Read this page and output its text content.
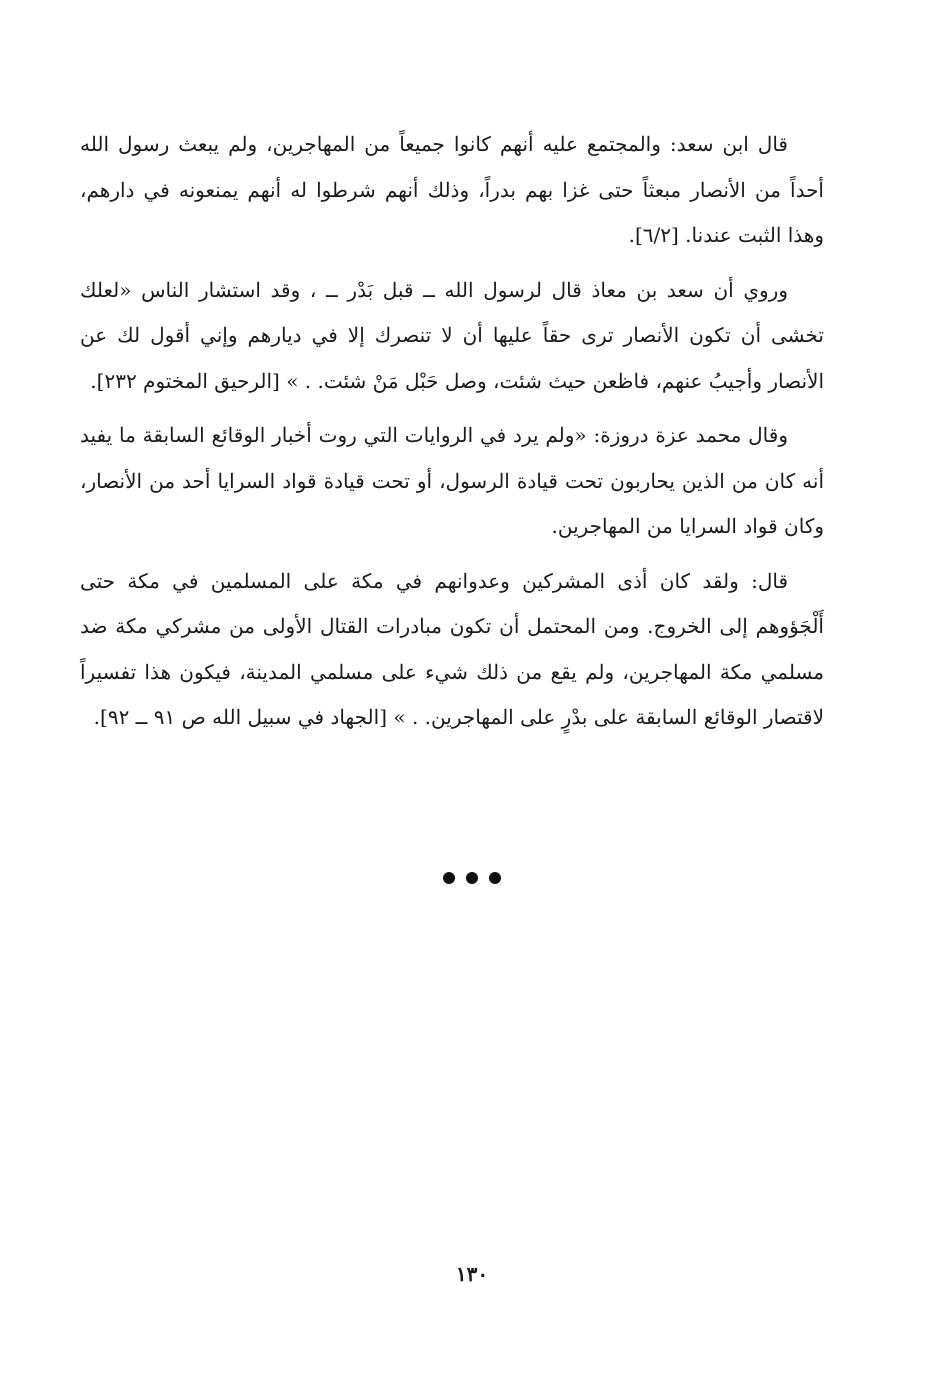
قال ابن سعد: والمجتمع عليه أنهم كانوا جميعاً من المهاجرين، ولم يبعث رسول الله أحداً من الأنصار مبعثاً حتى غزا بهم بدراً، وذلك أنهم شرطوا له أنهم يمنعونه في دارهم، وهذا الثبت عندنا. [٦/٢].

وروي أن سعد بن معاذ قال لرسول الله ــ قبل بَدْر ــ ، وقد استشار الناس «لعلك تخشى أن تكون الأنصار ترى حقاً عليها أن لا تنصرك إلا في ديارهم وإني أقول لك عن الأنصار وأجيبُ عنهم، فاظعن حيث شئت، وصل حَبْل مَنْ شئت. . » [الرحيق المختوم ٢٣٢].

وقال محمد عزة دروزة: «ولم يرد في الروايات التي روت أخبار الوقائع السابقة ما يفيد أنه كان من الذين يحاربون تحت قيادة الرسول، أو تحت قيادة قواد السرايا أحد من الأنصار، وكان قواد السرايا من المهاجرين.

قال: ولقد كان أذى المشركين وعدوانهم في مكة على المسلمين في مكة حتى أَلْجَؤوهم إلى الخروج. ومن المحتمل أن تكون مبادرات القتال الأولى من مشركي مكة ضد مسلمي مكة المهاجرين، ولم يقع من ذلك شيء على مسلمي المدينة، فيكون هذا تفسيراً لاقتصار الوقائع السابقة على بدْرٍ على المهاجرين. . » [الجهاد في سبيل الله ص ٩١ ــ ٩٢].

١٣٠
